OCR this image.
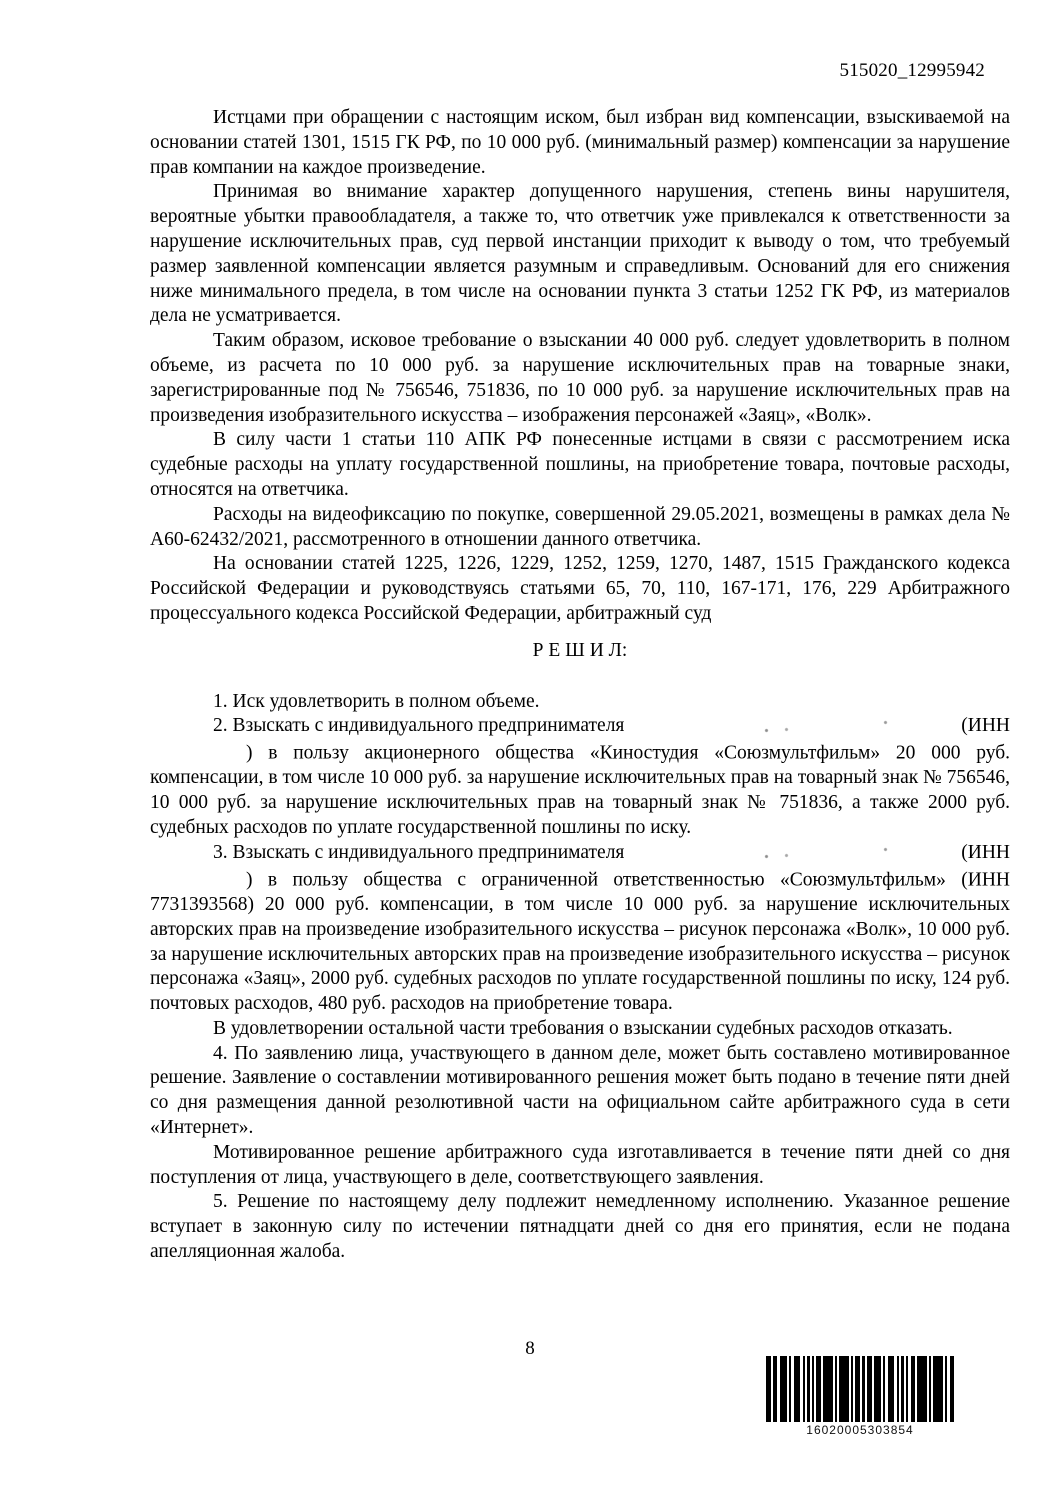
515020_12995942

Истцами при обращении с настоящим иском, был избран вид компенсации, взыскиваемой на основании статей 1301, 1515 ГК РФ, по 10 000 руб. (минимальный размер) компенсации за нарушение прав компании на каждое произведение.

Принимая во внимание характер допущенного нарушения, степень вины нарушителя, вероятные убытки правообладателя, а также то, что ответчик уже привлекался к ответственности за нарушение исключительных прав, суд первой инстанции приходит к выводу о том, что требуемый размер заявленной компенсации является разумным и справедливым. Оснований для его снижения ниже минимального предела, в том числе на основании пункта 3 статьи 1252 ГК РФ, из материалов дела не усматривается.

Таким образом, исковое требование о взыскании 40 000 руб. следует удовлетворить в полном объеме, из расчета по 10 000 руб. за нарушение исключительных прав на товарные знаки, зарегистрированные под № 756546, 751836, по 10 000 руб. за нарушение исключительных прав на произведения изобразительного искусства – изображения персонажей «Заяц», «Волк».

В силу части 1 статьи 110 АПК РФ понесенные истцами в связи с рассмотрением иска судебные расходы на уплату государственной пошлины, на приобретение товара, почтовые расходы, относятся на ответчика.

Расходы на видеофиксацию по покупке, совершенной 29.05.2021, возмещены в рамках дела № А60-62432/2021, рассмотренного в отношении данного ответчика.

На основании статей 1225, 1226, 1229, 1252, 1259, 1270, 1487, 1515 Гражданского кодекса Российской Федерации и руководствуясь статьями 65, 70, 110, 167-171, 176, 229 Арбитражного процессуального кодекса Российской Федерации, арбитражный суд

Р Е Ш И Л:

1. Иск удовлетворить в полном объеме.

2. Взыскать с индивидуального предпринимателя	(ИНН

) в пользу акционерного общества «Киностудия «Союзмультфильм» 20 000 руб. компенсации, в том числе 10 000 руб. за нарушение исключительных прав на товарный знак № 756546, 10 000 руб. за нарушение исключительных прав на товарный знак № 751836, а также 2000 руб. судебных расходов по уплате государственной пошлины по иску.

3. Взыскать с индивидуального предпринимателя	(ИНН

) в пользу общества с ограниченной ответственностью «Союзмультфильм» (ИНН 7731393568) 20 000 руб. компенсации, в том числе 10 000 руб. за нарушение исключительных авторских прав на произведение изобразительного искусства – рисунок персонажа «Волк», 10 000 руб. за нарушение исключительных авторских прав на произведение изобразительного искусства – рисунок персонажа «Заяц», 2000 руб. судебных расходов по уплате государственной пошлины по иску, 124 руб. почтовых расходов, 480 руб. расходов на приобретение товара.

В удовлетворении остальной части требования о взыскании судебных расходов отказать.

4. По заявлению лица, участвующего в данном деле, может быть составлено мотивированное решение. Заявление о составлении мотивированного решения может быть подано в течение пяти дней со дня размещения данной резолютивной части на официальном сайте арбитражного суда в сети «Интернет».

Мотивированное решение арбитражного суда изготавливается в течение пяти дней со дня поступления от лица, участвующего в деле, соответствующего заявления.

5. Решение по настоящему делу подлежит немедленному исполнению. Указанное решение вступает в законную силу по истечении пятнадцати дней со дня его принятия, если не подана апелляционная жалоба.

8
16020005303854
